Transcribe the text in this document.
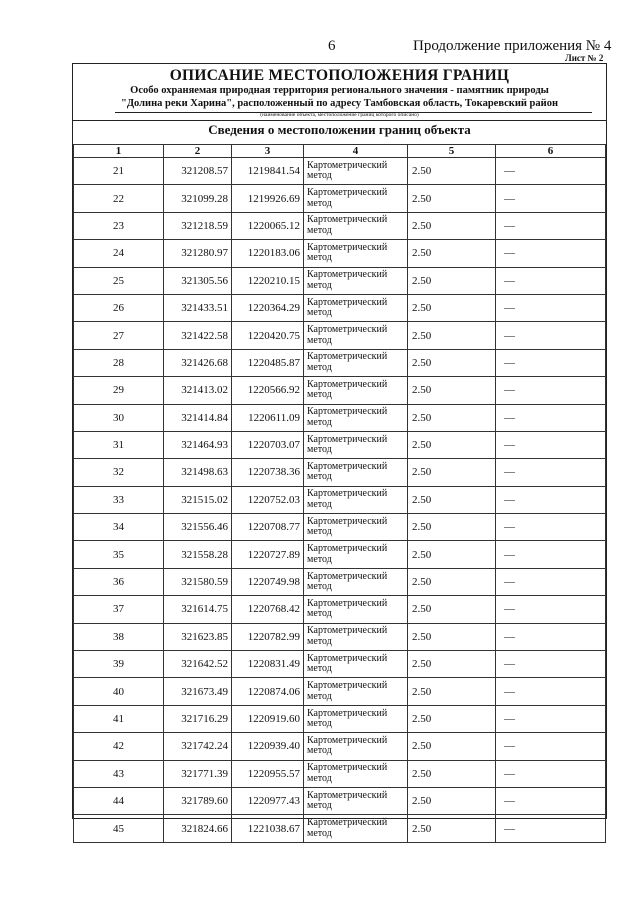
6	Продолжение приложения № 4
Лист № 2
ОПИСАНИЕ МЕСТОПОЛОЖЕНИЯ ГРАНИЦ
Особо охраняемая природная территория регионального значения - памятник природы
"Долина реки Харина", расположенный по адресу Тамбовская область, Токаревский район
(наименование объекта, местоположение границ которого описано)
Сведения о местоположении границ объекта
1	2	3	4	5	6
21	321208.57	1219841.54	Картометрический метод	2.50	—
22	321099.28	1219926.69	Картометрический метод	2.50	—
23	321218.59	1220065.12	Картометрический метод	2.50	—
24	321280.97	1220183.06	Картометрический метод	2.50	—
25	321305.56	1220210.15	Картометрический метод	2.50	—
26	321433.51	1220364.29	Картометрический метод	2.50	—
27	321422.58	1220420.75	Картометрический метод	2.50	—
28	321426.68	1220485.87	Картометрический метод	2.50	—
29	321413.02	1220566.92	Картометрический метод	2.50	—
30	321414.84	1220611.09	Картометрический метод	2.50	—
31	321464.93	1220703.07	Картометрический метод	2.50	—
32	321498.63	1220738.36	Картометрический метод	2.50	—
33	321515.02	1220752.03	Картометрический метод	2.50	—
34	321556.46	1220708.77	Картометрический метод	2.50	—
35	321558.28	1220727.89	Картометрический метод	2.50	—
36	321580.59	1220749.98	Картометрический метод	2.50	—
37	321614.75	1220768.42	Картометрический метод	2.50	—
38	321623.85	1220782.99	Картометрический метод	2.50	—
39	321642.52	1220831.49	Картометрический метод	2.50	—
40	321673.49	1220874.06	Картометрический метод	2.50	—
41	321716.29	1220919.60	Картометрический метод	2.50	—
42	321742.24	1220939.40	Картометрический метод	2.50	—
43	321771.39	1220955.57	Картометрический метод	2.50	—
44	321789.60	1220977.43	Картометрический метод	2.50	—
45	321824.66	1221038.67	Картометрический метод	2.50	—
